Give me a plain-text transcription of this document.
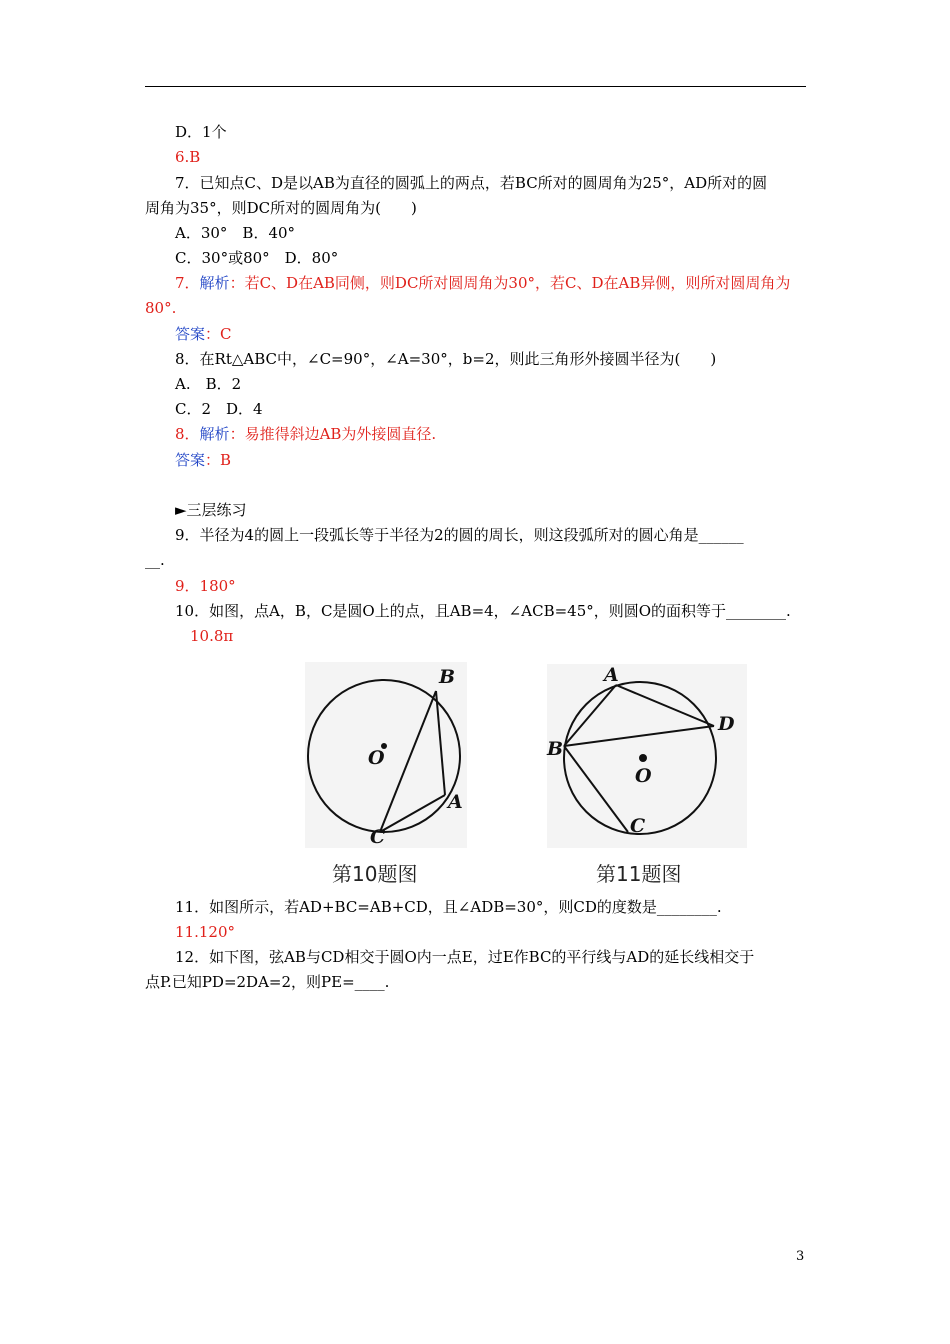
D．1个
6.B
7．已知点C、D是以AB为直径的圆弧上的两点，若BC所对的圆周角为25°，AD所对的圆
周角为35°，则DC所对的圆周角为(　　)
A．30°　B．40°
C．30°或80°　D．80°
7．解析：若C、D在AB同侧，则DC所对圆周角为30°，若C、D在AB异侧，则所对圆周角为
80°.
答案：C
8．在Rt△ABC中，∠C=90°，∠A=30°，b=2，则此三角形外接圆半径为(　　)
A.　B．2
C．2　D．4
8．解析：易推得斜边AB为外接圆直径.
答案：B
►三层练习
9．半径为4的圆上一段弧长等于半径为2的圆的周长，则这段弧所对的圆心角是______
__.
9．180°
10．如图，点A，B，C是圆O上的点，且AB=4，∠ACB=45°，则圆O的面积等于________.
10.8π
B
O
A
C
A
D
B
O
C
第10题图	第11题图
11．如图所示，若AD+BC=AB+CD，且∠ADB=30°，则CD的度数是________.
11.120°
12．如下图，弦AB与CD相交于圆O内一点E，过E作BC的平行线与AD的延长线相交于
点P.已知PD=2DA=2，则PE=____.
3
